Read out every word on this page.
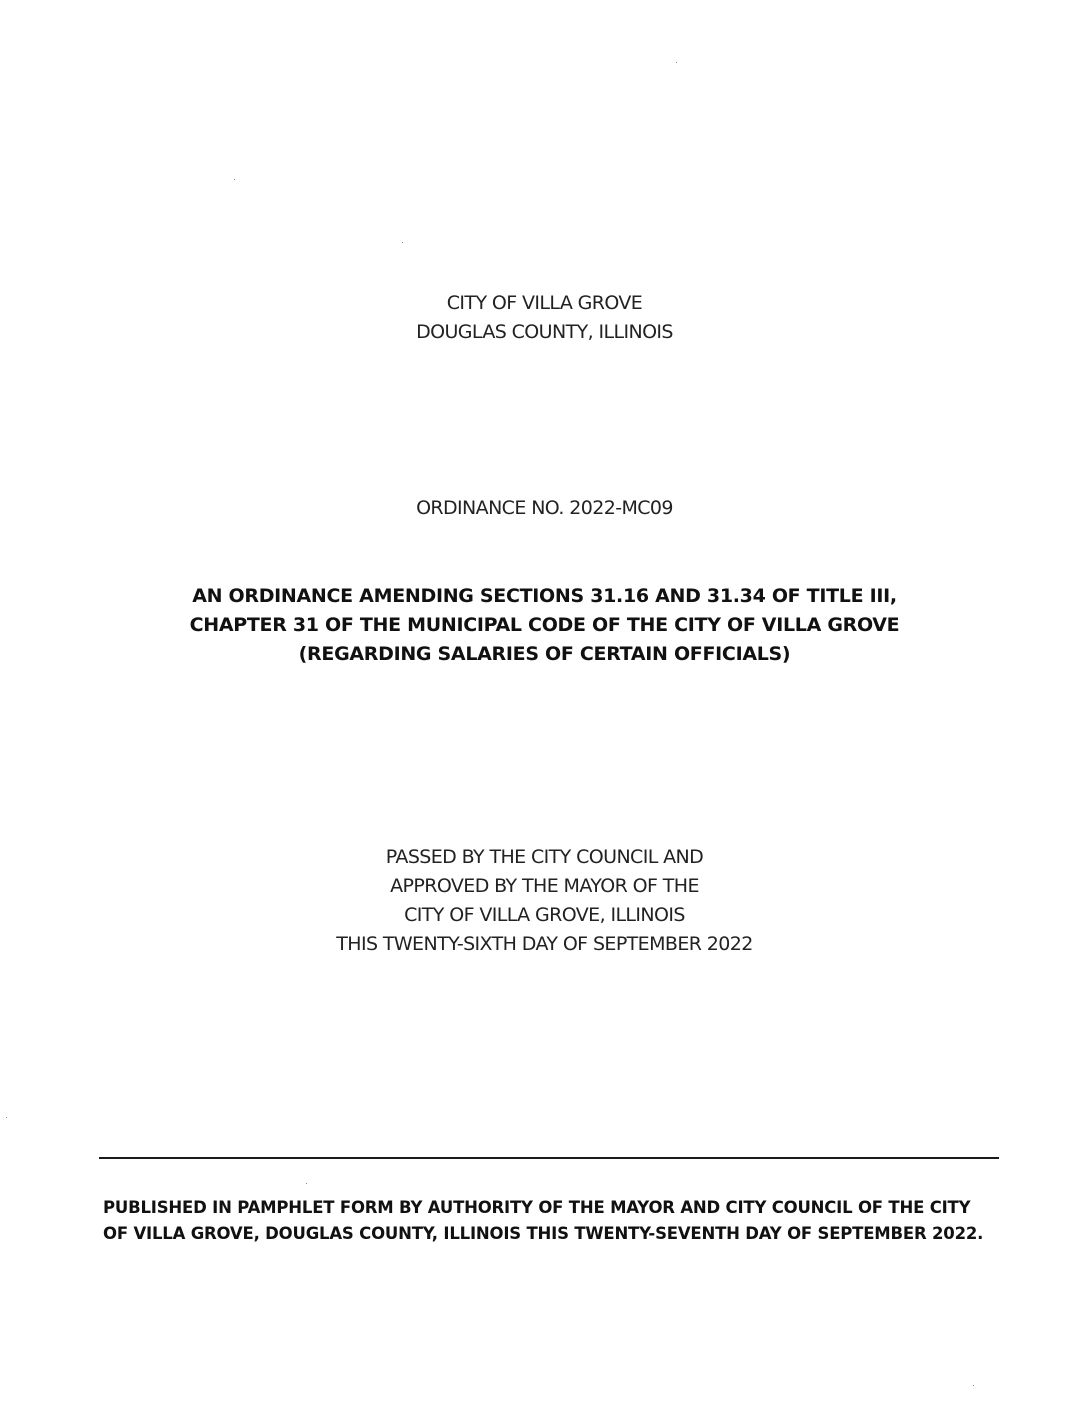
CITY OF VILLA GROVE
DOUGLAS COUNTY, ILLINOIS
ORDINANCE NO. 2022-MC09
AN ORDINANCE AMENDING SECTIONS 31.16 AND 31.34 OF TITLE III,
CHAPTER 31 OF THE MUNICIPAL CODE OF THE CITY OF VILLA GROVE
(REGARDING SALARIES OF CERTAIN OFFICIALS)
PASSED BY THE CITY COUNCIL AND
APPROVED BY THE MAYOR OF THE
CITY OF VILLA GROVE, ILLINOIS
THIS TWENTY-SIXTH DAY OF SEPTEMBER 2022
PUBLISHED IN PAMPHLET FORM BY AUTHORITY OF THE MAYOR AND CITY COUNCIL OF THE CITY
OF VILLA GROVE, DOUGLAS COUNTY, ILLINOIS THIS TWENTY-SEVENTH DAY OF SEPTEMBER 2022.
